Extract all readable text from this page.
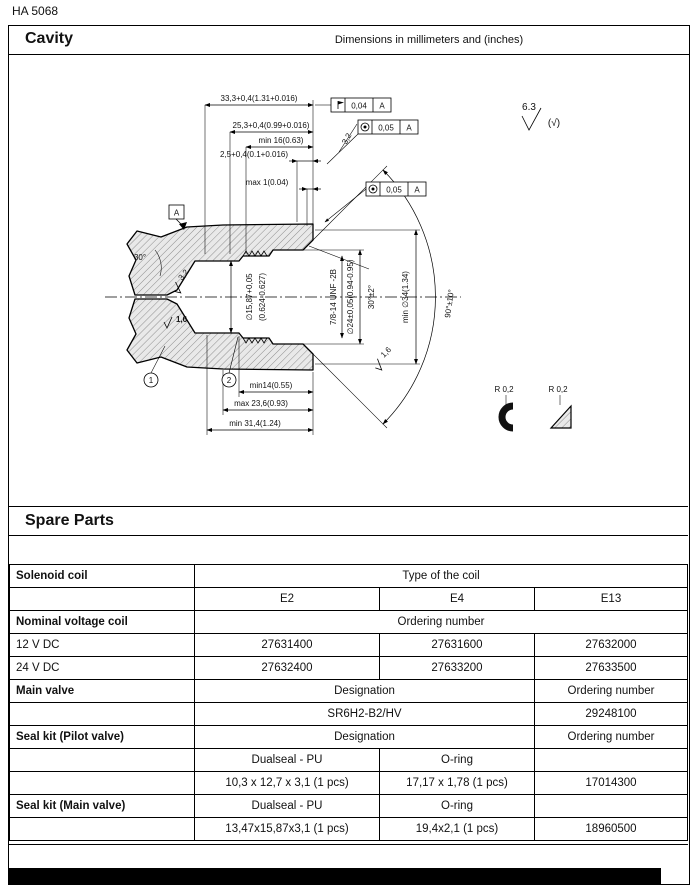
HA 5068
Cavity	Dimensions in millimeters and (inches)
90°±10°
33,3+0,4(1.31+0.016)
25,3+0,4(0.99+0.016)
min 16(0.63)
2,5+0,4(0.1+0.016)
max 1(0.04)
∅15,87+0,05 (0.624-0.627)	7/8-14 UNF -2B ∅24±0,05(0.94-0.95) 30°±2°	min ∅34(1.34)
min14(0.55)
max 23,6(0.93)
min 31,4(1.24)
0,04 A
0,05 A
0,05 A
3,2
6.3
(√)
A
30°
3,2
1,6
1,6
1	2
R 0,2	R 0,2
Spare Parts
Solenoid coil	Type of the coil		
	E2	E4	E13
Nominal voltage coil	Ordering number		
12 V DC	27631400	27631600	27632000
24 V DC	27632400	27633200	27633500
Main valve	Designation		Ordering number
	SR6H2-B2/HV		29248100
Seal kit (Pilot valve)	Designation		Ordering number
	Dualseal - PU	O-ring	
	10,3 x 12,7 x 3,1 (1 pcs)	17,17 x 1,78 (1 pcs)	17014300
Seal kit (Main valve)	Dualseal - PU	O-ring	
	13,47x15,87x3,1 (1 pcs)	19,4x2,1 (1 pcs)	18960500
